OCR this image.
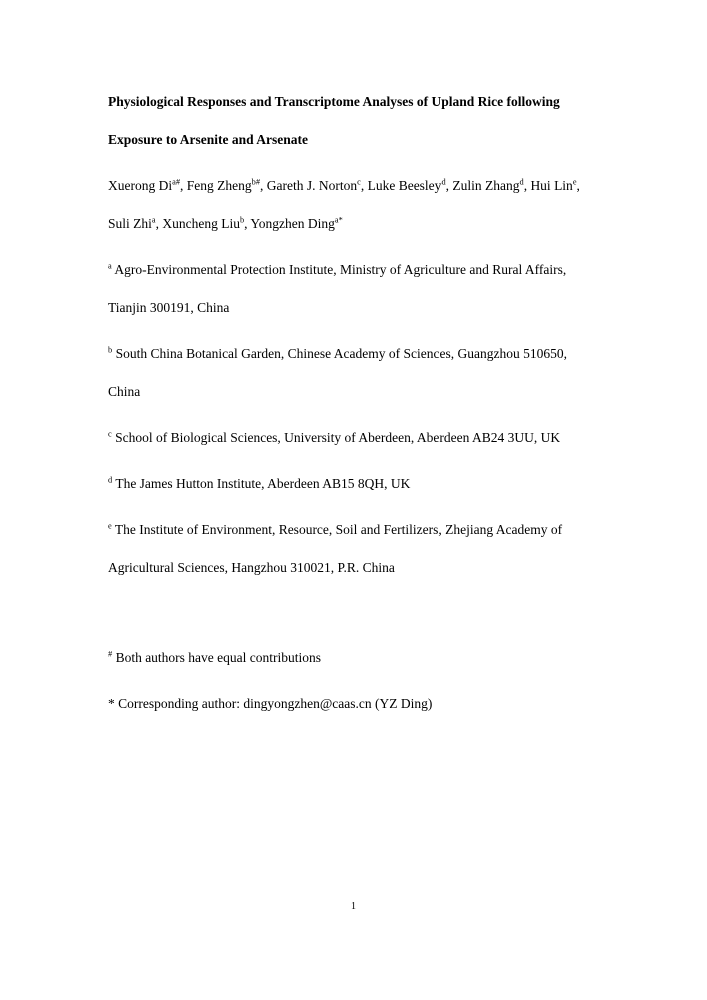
Physiological Responses and Transcriptome Analyses of Upland Rice following Exposure to Arsenite and Arsenate

Xuerong $Di^{a\#}$, Feng Zheng$^{b\#}$, Gareth J. Norton$^c$, Luke Beesley$^d$, Zulin Zhang$^d$, Hui Lin$^e$, Suli Zhi$^a$, Xuncheng Liu$^b$, Yongzhen Ding$^{a*}$

$^a$ Agro-Environmental Protection Institute, Ministry of Agriculture and Rural Affairs, Tianjin 300191, China

$^b$ South China Botanical Garden, Chinese Academy of Sciences, Guangzhou 510650, China

$^c$ School of Biological Sciences, University of Aberdeen, Aberdeen AB24 3UU, UK

$^d$ The James Hutton Institute, Aberdeen AB15 8QH, UK

$^e$ The Institute of Environment, Resource, Soil and Fertilizers, Zhejiang Academy of Agricultural Sciences, Hangzhou 310021, P.R. China

# Both authors have equal contributions

* Corresponding author: dingyongzhen@caas.cn (YZ Ding)

1
